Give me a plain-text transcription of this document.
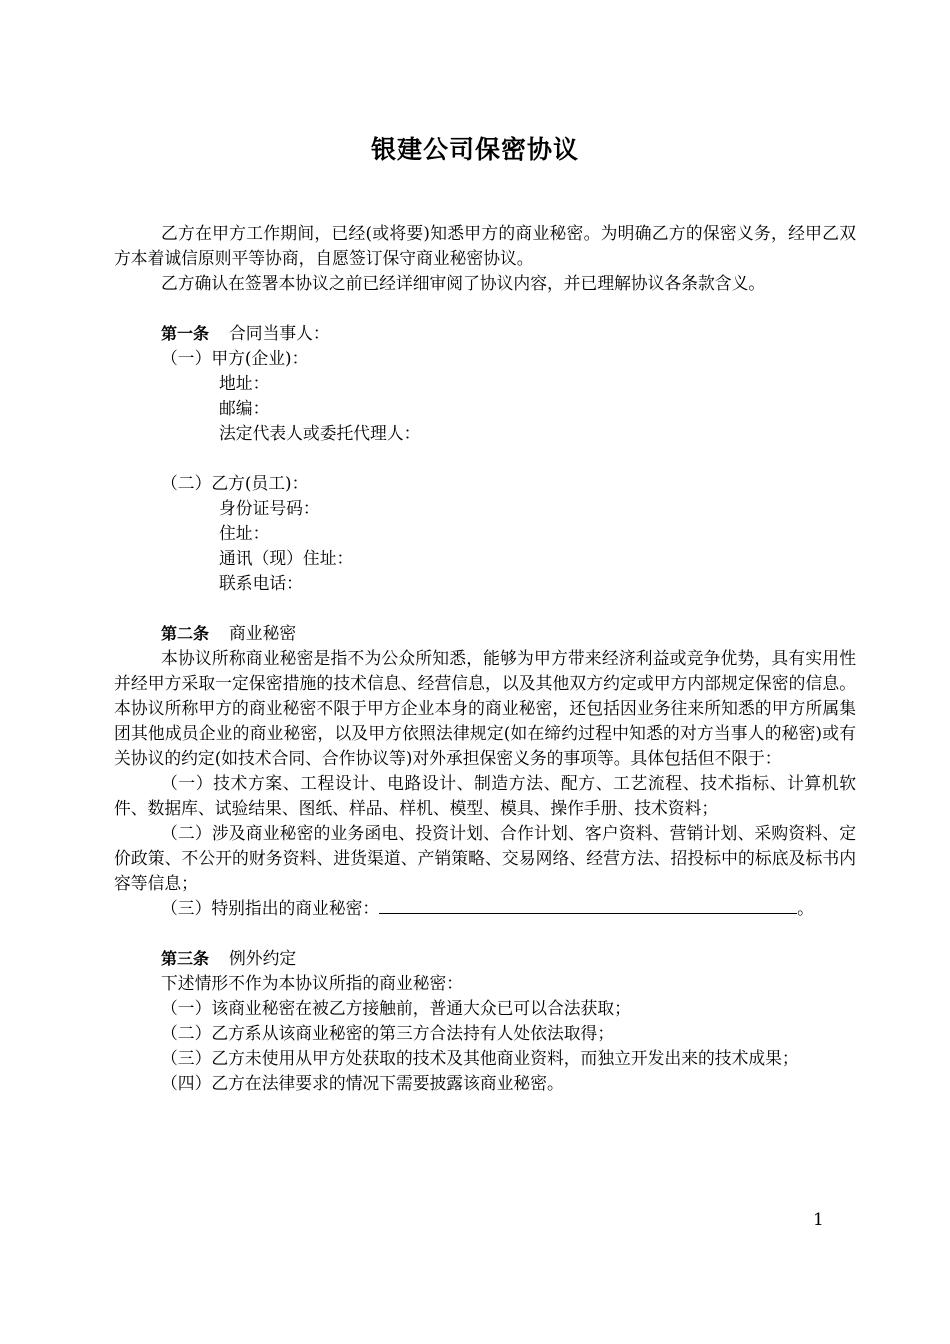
银建公司保密协议

乙方在甲方工作期间，已经(或将要)知悉甲方的商业秘密。为明确乙方的保密义务，经甲乙双方本着诚信原则平等协商，自愿签订保守商业秘密协议。

乙方确认在签署本协议之前已经详细审阅了协议内容，并已理解协议各条款含义。

第一条 合同当事人：

（一）甲方(企业)：

地址：

邮编：

法定代表人或委托代理人：

（二）乙方(员工)：

身份证号码：

住址：

通讯（现）住址：

联系电话：

第二条 商业秘密

本协议所称商业秘密是指不为公众所知悉，能够为甲方带来经济利益或竞争优势，具有实用性并经甲方采取一定保密措施的技术信息、经营信息，以及其他双方约定或甲方内部规定保密的信息。本协议所称甲方的商业秘密不限于甲方企业本身的商业秘密，还包括因业务往来所知悉的甲方所属集团其他成员企业的商业秘密，以及甲方依照法律规定(如在缔约过程中知悉的对方当事人的秘密)或有关协议的约定(如技术合同、合作协议等)对外承担保密义务的事项等。具体包括但不限于：

（一）技术方案、工程设计、电路设计、制造方法、配方、工艺流程、技术指标、计算机软件、数据库、试验结果、图纸、样品、样机、模型、模具、操作手册、技术资料；

（二）涉及商业秘密的业务函电、投资计划、合作计划、客户资料、营销计划、采购资料、定价政策、不公开的财务资料、进货渠道、产销策略、交易网络、经营方法、招投标中的标底及标书内容等信息；

（三）特别指出的商业秘密：	。

第三条 例外约定

下述情形不作为本协议所指的商业秘密：

（一）该商业秘密在被乙方接触前，普通大众已可以合法获取；

（二）乙方系从该商业秘密的第三方合法持有人处依法取得；

（三）乙方未使用从甲方处获取的技术及其他商业资料，而独立开发出来的技术成果；

（四）乙方在法律要求的情况下需要披露该商业秘密。

1
